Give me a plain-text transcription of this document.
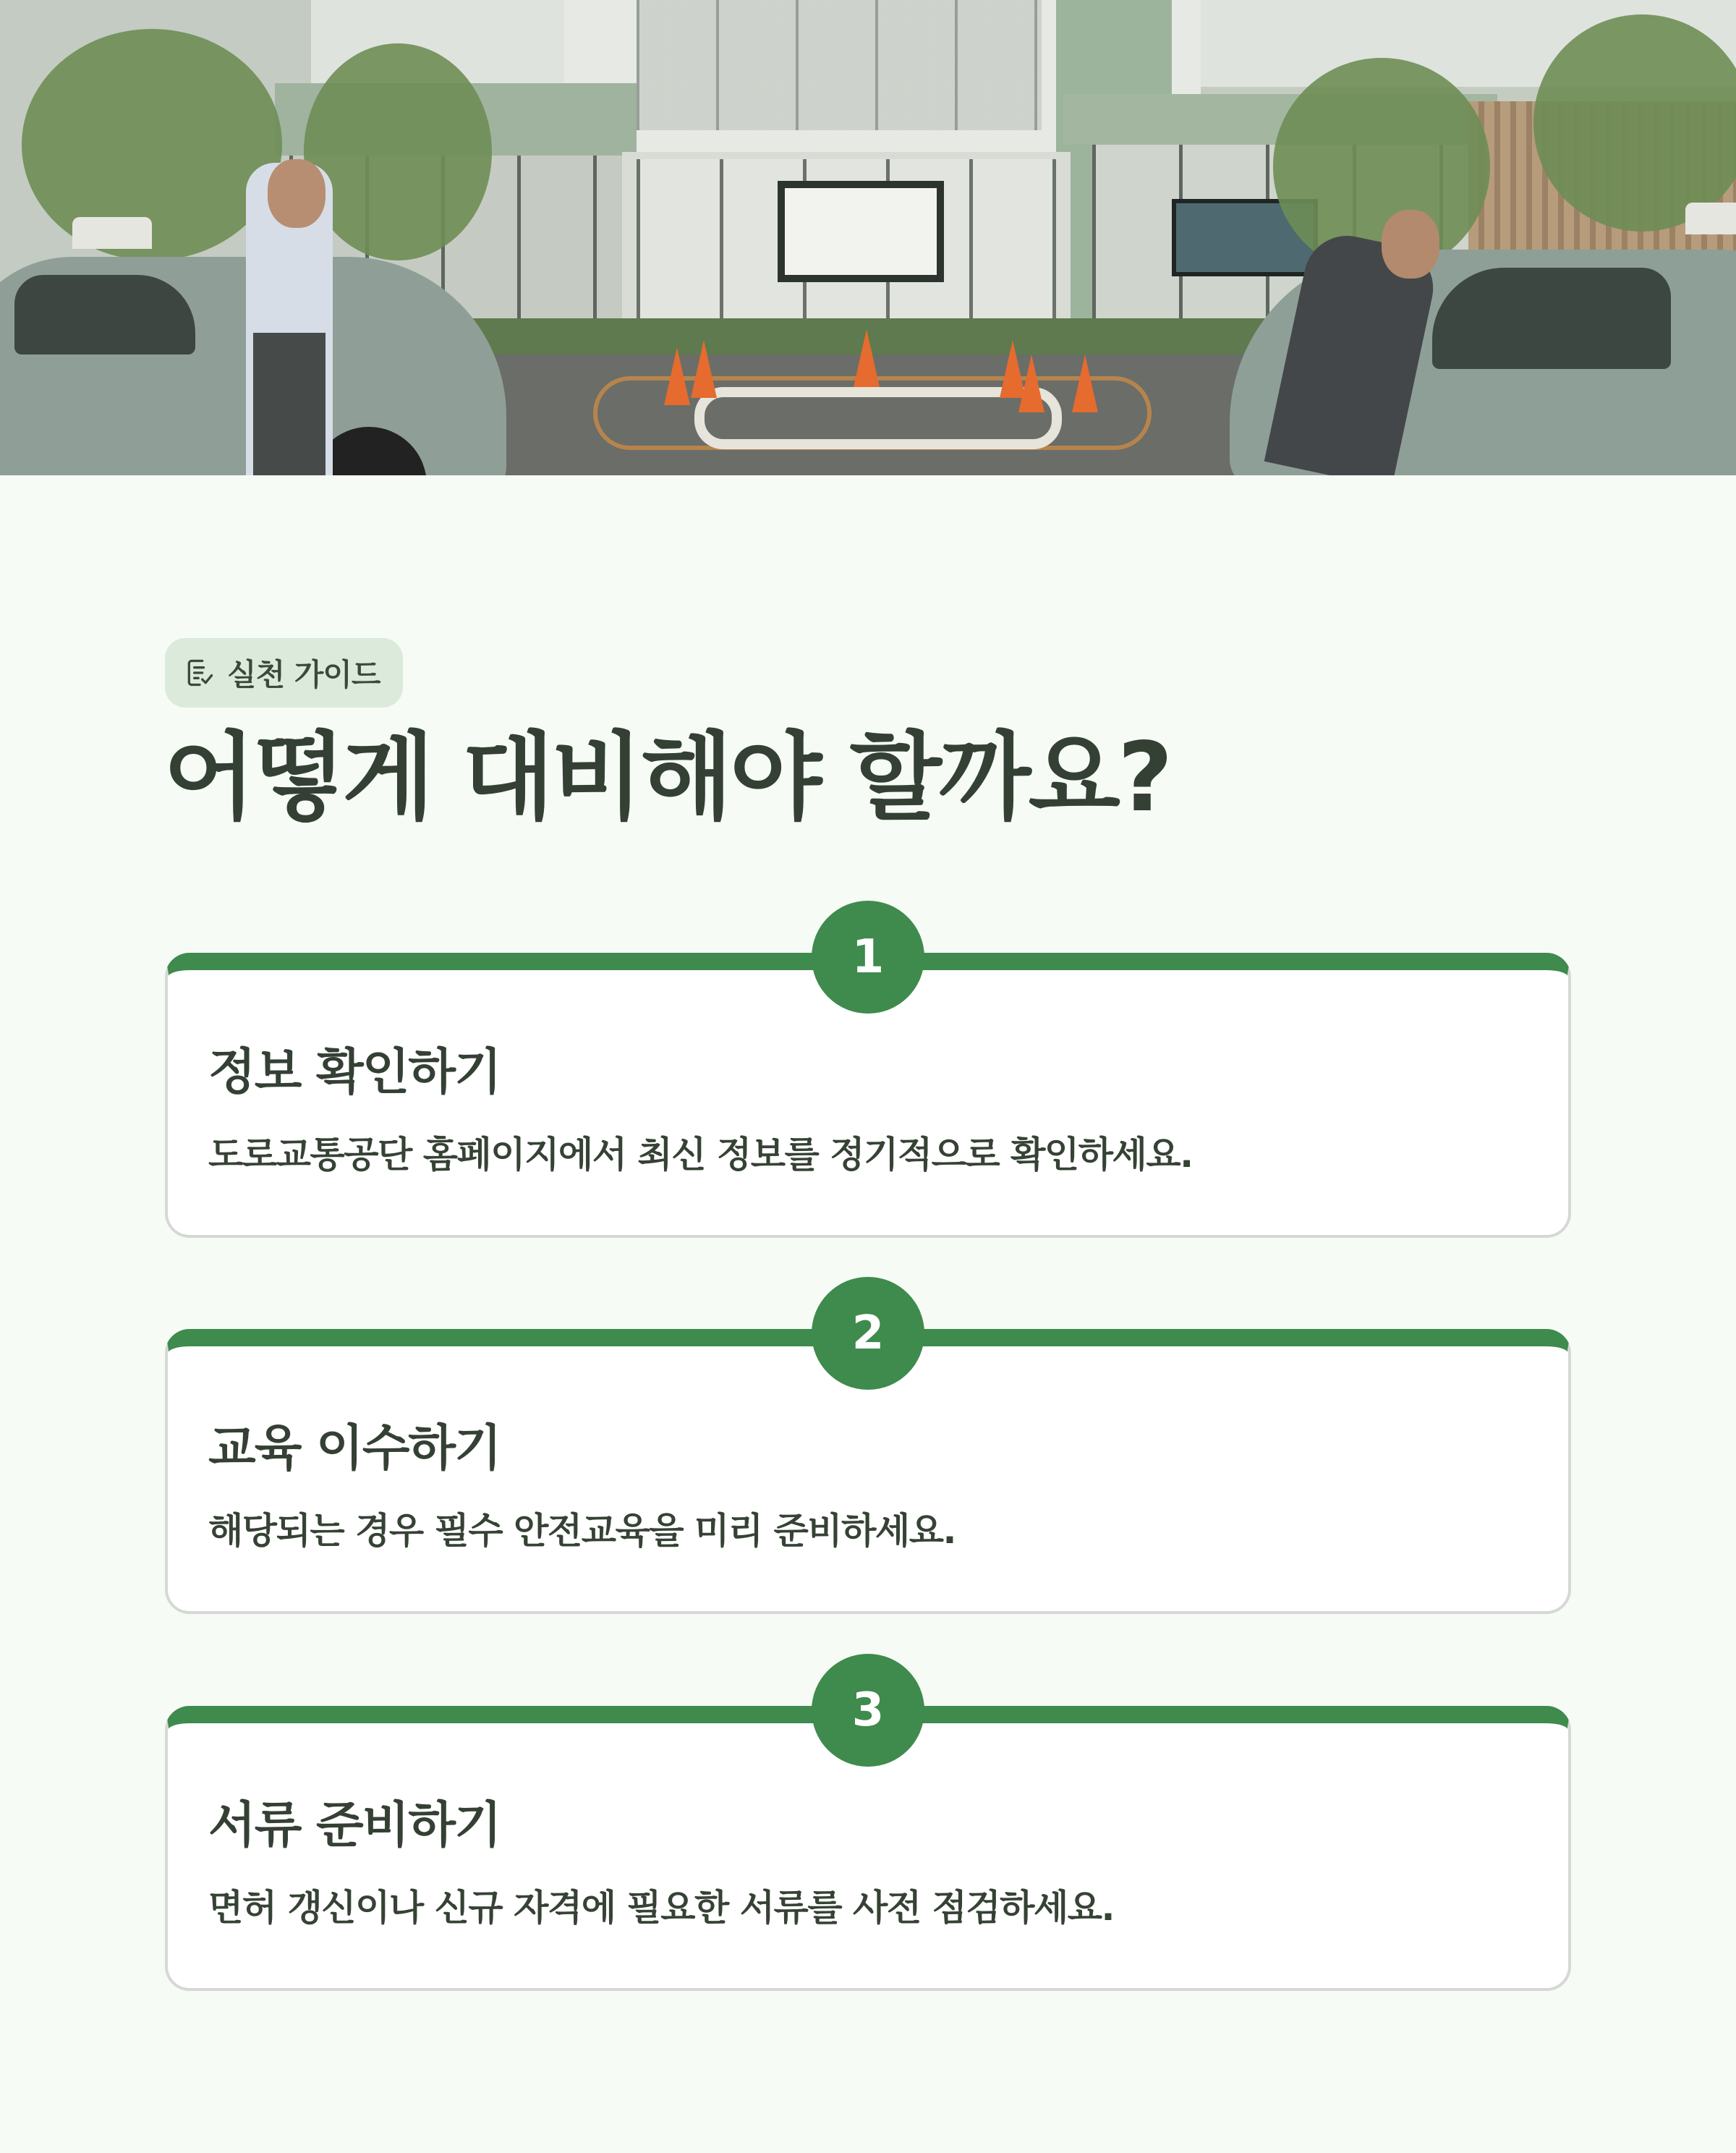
실천 가이드
어떻게 대비해야 할까요?
정보 확인하기

도로교통공단 홈페이지에서 최신 정보를 정기적으로 확인하세요.

1
교육 이수하기

해당되는 경우 필수 안전교육을 미리 준비하세요.

2
서류 준비하기

면허 갱신이나 신규 자격에 필요한 서류를 사전 점검하세요.

3
